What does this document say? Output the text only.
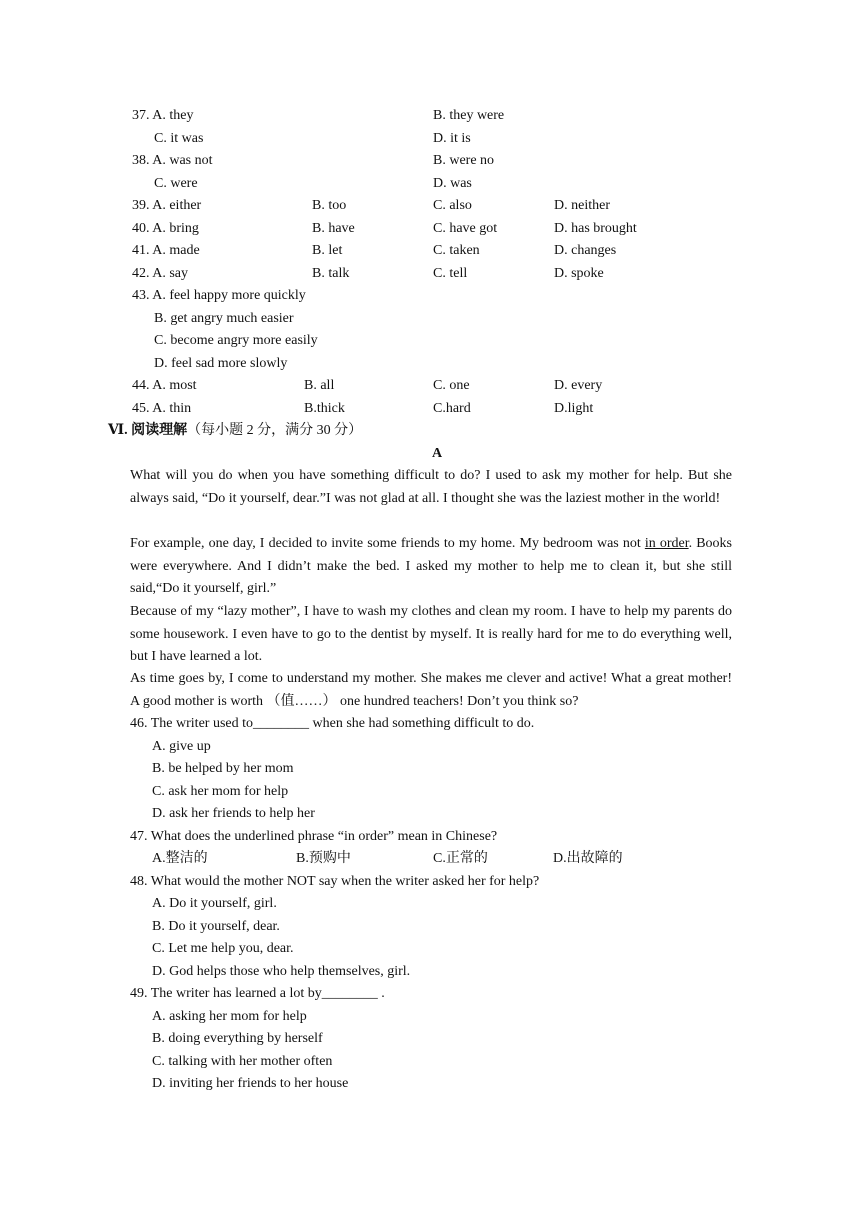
37. A. they	B. they were
C. it was	D. it is
38. A. was not	B. were no
C. were	D. was
39. A. either	B. too	C. also	D. neither
40. A. bring	B. have	C. have got	D. has brought
41. A. made	B. let	C. taken	D. changes
42. A. say	B. talk	C. tell	D. spoke
43. A. feel happy more quickly
B. get angry much easier
C. become angry more easily
D. feel sad more slowly
44. A. most	B. all	C. one	D. every
45. A. thin	B.thick	C.hard	D.light
Ⅵ. 阅读理解（每小题 2 分，满分 30 分）
A

What will you do when you have something difficult to do? I used to ask my mother for help. But she always said, “Do it yourself, dear.”I was not glad at all. I thought she was the laziest mother in the world!

For example, one day, I decided to invite some friends to my home. My bedroom was not in order. Books were everywhere. And I didn’t make the bed. I asked my mother to help me to clean it, but she still said,“Do it yourself, girl.”

Because of my “lazy mother”, I have to wash my clothes and clean my room. I have to help my parents do some housework. I even have to go to the dentist by myself. It is really hard for me to do everything well, but I have learned a lot.

As time goes by, I come to understand my mother. She makes me clever and active! What a great mother! A good mother is worth （值……） one hundred teachers! Don’t you think so?

46. The writer used to________ when she had something difficult to do.
A. give up
B. be helped by her mom
C. ask her mom for help
D. ask her friends to help her
47. What does the underlined phrase “in order” mean in Chinese?
A.整洁的	B.预购中	C.正常的	D.出故障的
48. What would the mother NOT say when the writer asked her for help?
A. Do it yourself, girl.
B. Do it yourself, dear.
C. Let me help you, dear.
D. God helps those who help themselves, girl.
49. The writer has learned a lot by________ .
A. asking her mom for help
B. doing everything by herself
C. talking with her mother often
D. inviting her friends to her house
